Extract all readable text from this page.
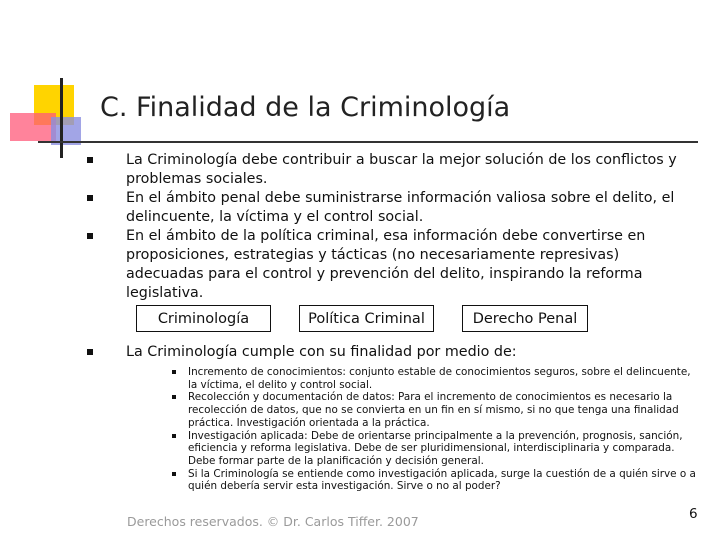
C. Finalidad de la Criminología
La Criminología debe contribuir a buscar la mejor solución de los conflictos y problemas sociales.
En el ámbito penal debe suministrarse información valiosa sobre el delito, el delincuente, la víctima y el control social.
En el ámbito de la política criminal, esa información debe convertirse en proposiciones, estrategias y tácticas (no necesariamente represivas) adecuadas para el control y prevención del delito, inspirando la reforma legislativa.
Criminología	Política Criminal	Derecho Penal
La Criminología cumple con su finalidad por medio de:
Incremento de conocimientos: conjunto estable de conocimientos seguros, sobre el delincuente, la víctima, el delito y control social.
Recolección y documentación de datos: Para el incremento de conocimientos es necesario la recolección de datos, que no se convierta en un fin en sí mismo, si no que tenga una finalidad práctica. Investigación orientada a la práctica.
Investigación aplicada: Debe de orientarse principalmente a la prevención, prognosis, sanción, eficiencia y reforma legislativa. Debe de ser pluridimensional, interdisciplinaria y comparada. Debe formar parte de la planificación y decisión general.
Si la Criminología se entiende como investigación aplicada, surge la cuestión de a quién sirve o a quién debería servir esta investigación. Sirve o no al poder?
Derechos reservados. © Dr. Carlos Tiffer. 2007	6
